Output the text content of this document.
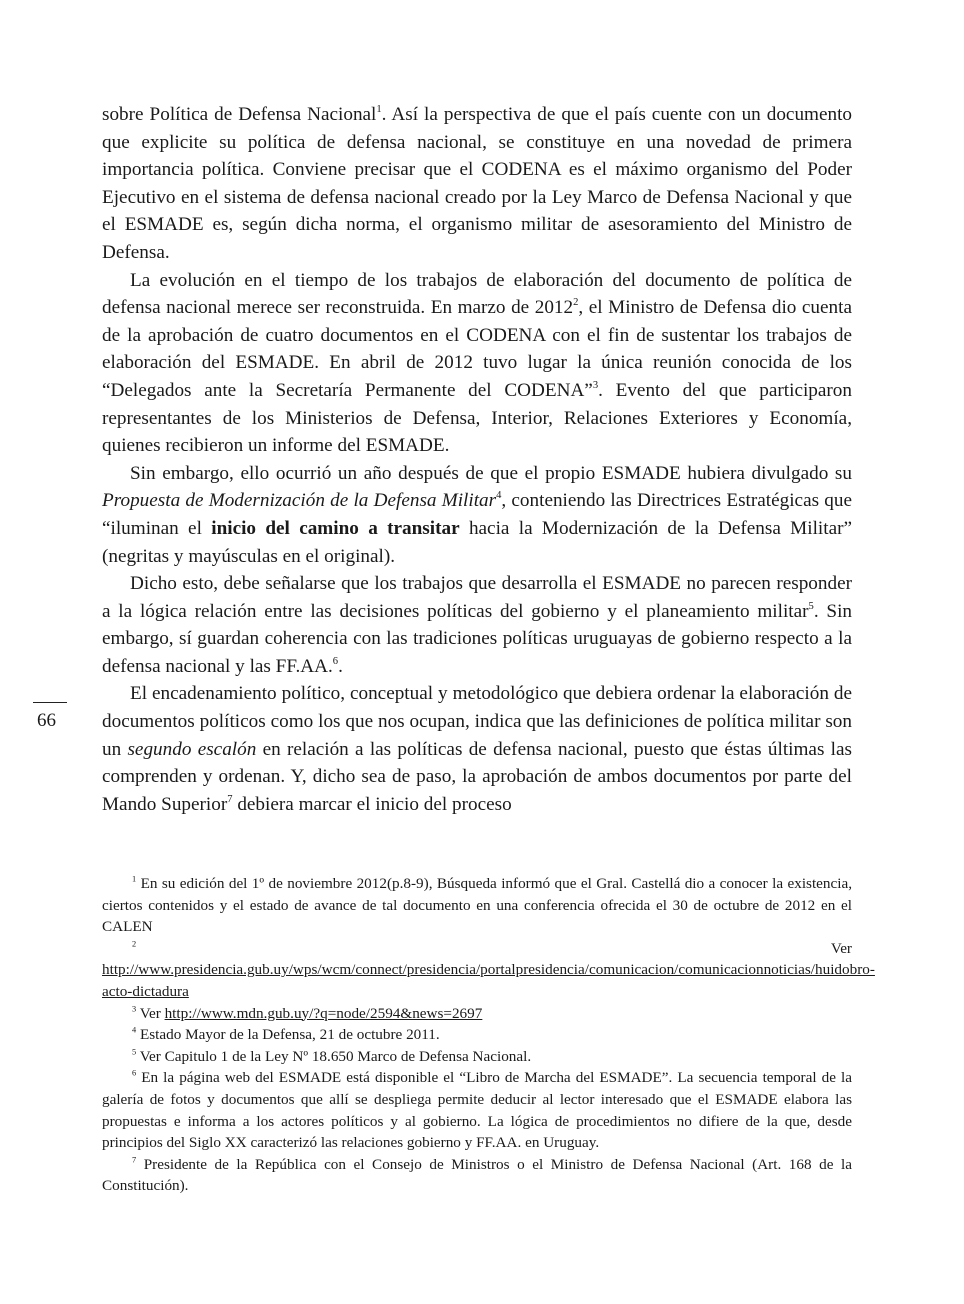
sobre Política de Defensa Nacional$^1$. Así la perspectiva de que el país cuente con un documento que explicite su política de defensa nacional, se constituye en una novedad de primera importancia política. Conviene precisar que el CODENA es el máximo organismo del Poder Ejecutivo en el sistema de defensa nacional creado por la Ley Marco de Defensa Nacional y que el ESMADE es, según dicha norma, el organismo militar de asesoramiento del Ministro de Defensa.

La evolución en el tiempo de los trabajos de elaboración del documento de política de defensa nacional merece ser reconstruida. En marzo de 2012$^2$, el Ministro de Defensa dio cuenta de la aprobación de cuatro documentos en el CODENA con el fin de sustentar los trabajos de elaboración del ESMADE. En abril de 2012 tuvo lugar la única reunión conocida de los “Delegados ante la Secretaría Permanente del CODENA”$^3$. Evento del que participaron representantes de los Ministerios de Defensa, Interior, Relaciones Exteriores y Economía, quienes recibieron un informe del ESMADE.

Sin embargo, ello ocurrió un año después de que el propio ESMADE hubiera divulgado su Propuesta de Modernización de la Defensa Militar$^4$, conteniendo las Directrices Estratégicas que “iluminan el inicio del camino a transitar hacia la Modernización de la Defensa Militar” (negritas y mayúsculas en el original).

Dicho esto, debe señalarse que los trabajos que desarrolla el ESMADE no parecen responder a la lógica relación entre las decisiones políticas del gobierno y el planeamiento militar$^5$. Sin embargo, sí guardan coherencia con las tradiciones políticas uruguayas de gobierno respecto a la defensa nacional y las FF.AA.$^6$.

El encadenamiento político, conceptual y metodológico que debiera ordenar la elaboración de documentos políticos como los que nos ocupan, indica que las definiciones de política militar son un segundo escalón en relación a las políticas de defensa nacional, puesto que éstas últimas las comprenden y ordenan. Y, dicho sea de paso, la aprobación de ambos documentos por parte del Mando Superior$^7$ debiera marcar el inicio del proceso

66

$^1$ En su edición del 1º de noviembre 2012(p.8-9), Búsqueda informó que el Gral. Castellá dio a conocer la existencia, ciertos contenidos y el estado de avance de tal documento en una conferencia ofrecida el 30 de octubre de 2012 en el CALEN

$^2$ Ver http://www.presidencia.gub.uy/wps/wcm/connect/presidencia/portalpresidencia/comunicacion/comunicacionnoticias/huidobro-acto-dictadura

$^3$ Ver http://www.mdn.gub.uy/?q=node/2594&news=2697

$^4$ Estado Mayor de la Defensa, 21 de octubre 2011.

$^5$ Ver Capitulo 1 de la Ley Nº 18.650 Marco de Defensa Nacional.

$^6$ En la página web del ESMADE está disponible el “Libro de Marcha del ESMADE”. La secuencia temporal de la galería de fotos y documentos que allí se despliega permite deducir al lector interesado que el ESMADE elabora las propuestas e informa a los actores políticos y al gobierno. La lógica de procedimientos no difiere de la que, desde principios del Siglo XX caracterizó las relaciones gobierno y FF.AA. en Uruguay.

$^7$ Presidente de la República con el Consejo de Ministros o el Ministro de Defensa Nacional (Art. 168 de la Constitución).
